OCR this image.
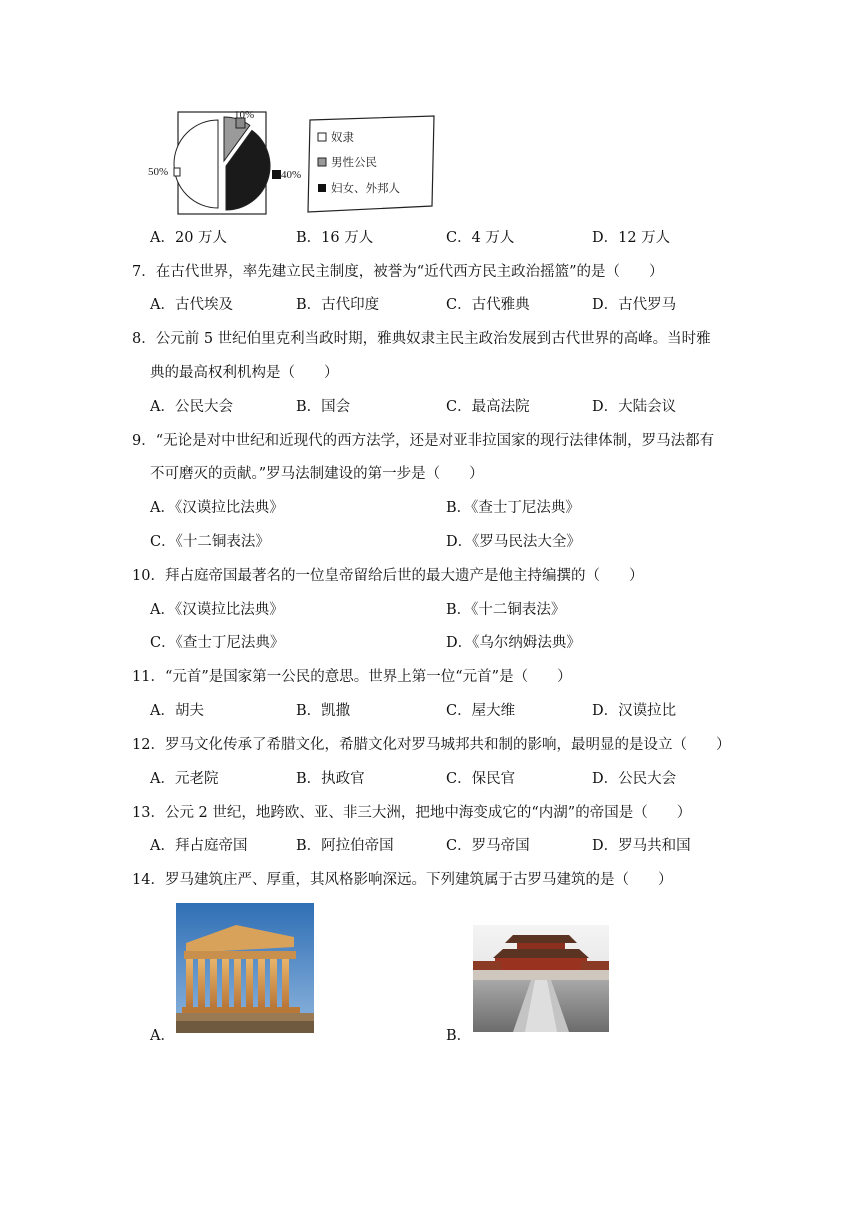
10%
50%	40%
奴隶
男性公民
妇女、外邦人
A．20 万人	B．16 万人	C．4 万人	D．12 万人
7．在古代世界，率先建立民主制度，被誉为“近代西方民主政治摇篮”的是（　　）
A．古代埃及	B．古代印度	C．古代雅典	D．古代罗马
8．公元前 5 世纪伯里克利当政时期，雅典奴隶主民主政治发展到古代世界的高峰。当时雅
典的最高权利机构是（　　）
A．公民大会	B．国会	C．最高法院	D．大陆会议
9．“无论是对中世纪和近现代的西方法学，还是对亚非拉国家的现行法律体制，罗马法都有
不可磨灭的贡献。”罗马法制建设的第一步是（　　）
A．《汉谟拉比法典》	B．《查士丁尼法典》
C．《十二铜表法》	D．《罗马民法大全》
10．拜占庭帝国最著名的一位皇帝留给后世的最大遗产是他主持编撰的（　　）
A．《汉谟拉比法典》	B．《十二铜表法》
C．《查士丁尼法典》	D．《乌尔纳姆法典》
11．“元首”是国家第一公民的意思。世界上第一位“元首”是（　　）
A．胡夫	B．凯撒	C．屋大维	D．汉谟拉比
12．罗马文化传承了希腊文化，希腊文化对罗马城邦共和制的影响，最明显的是设立（　　）
A．元老院	B．执政官	C．保民官	D．公民大会
13．公元 2 世纪，地跨欧、亚、非三大洲，把地中海变成它的“内湖”的帝国是（　　）
A．拜占庭帝国	B．阿拉伯帝国	C．罗马帝国	D．罗马共和国
14．罗马建筑庄严、厚重，其风格影响深远。下列建筑属于古罗马建筑的是（　　）
A．	B．
